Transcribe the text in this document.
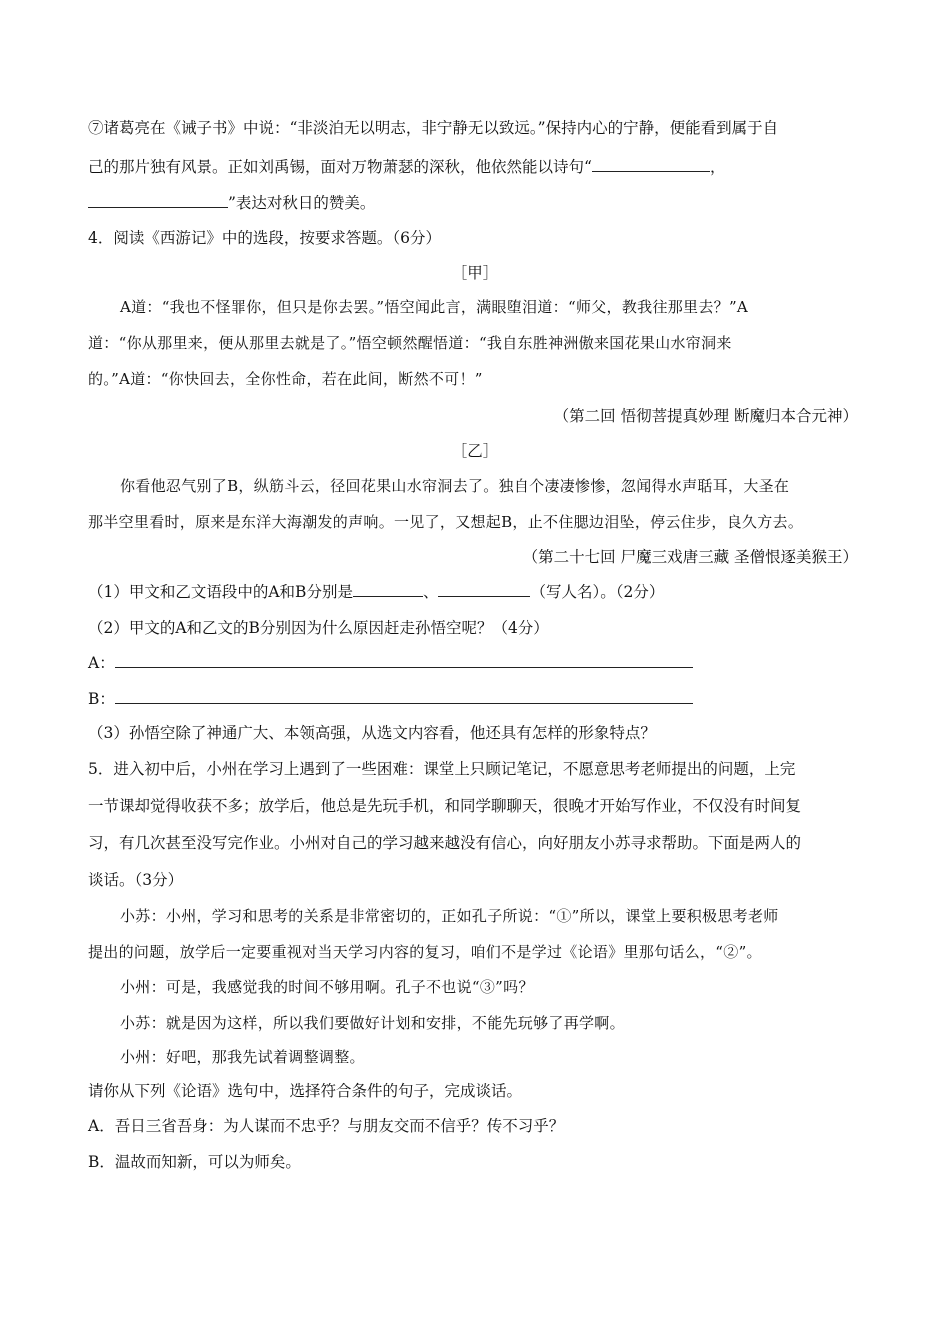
⑦诸葛亮在《诫子书》中说：“非淡泊无以明志，非宁静无以致远。”保持内心的宁静，便能看到属于自
己的那片独有风景。正如刘禹锡，面对万物萧瑟的深秋，他依然能以诗句“	，
”表达对秋日的赞美。
4．阅读《西游记》中的选段，按要求答题。（6分）
［甲］
A道：“我也不怪罪你，但只是你去罢。”悟空闻此言，满眼堕泪道：“师父，教我往那里去？”A
道：“你从那里来，便从那里去就是了。”悟空顿然醒悟道：“我自东胜神洲傲来国花果山水帘洞来
的。”A道：“你快回去，全你性命，若在此间，断然不可！”
（第二回 悟彻菩提真妙理 断魔归本合元神）
［乙］
你看他忍气别了B，纵筋斗云，径回花果山水帘洞去了。独自个凄凄惨惨，忽闻得水声聒耳，大圣在
那半空里看时，原来是东洋大海潮发的声响。一见了，又想起B，止不住腮边泪坠，停云住步，良久方去。
（第二十七回 尸魔三戏唐三藏 圣僧恨逐美猴王）
（1）甲文和乙文语段中的A和B分别是	、	（写人名）。（2分）
（2）甲文的A和乙文的B分别因为什么原因赶走孙悟空呢？（4分）
A：
B：
（3）孙悟空除了神通广大、本领高强，从选文内容看，他还具有怎样的形象特点？
5．进入初中后，小州在学习上遇到了一些困难：课堂上只顾记笔记，不愿意思考老师提出的问题，上完
一节课却觉得收获不多；放学后，他总是先玩手机，和同学聊聊天，很晚才开始写作业，不仅没有时间复
习，有几次甚至没写完作业。小州对自己的学习越来越没有信心，向好朋友小苏寻求帮助。下面是两人的
谈话。（3分）
小苏：小州，学习和思考的关系是非常密切的，正如孔子所说：“①”所以，课堂上要积极思考老师
提出的问题，放学后一定要重视对当天学习内容的复习，咱们不是学过《论语》里那句话么，“②”。
小州：可是，我感觉我的时间不够用啊。孔子不也说“③”吗？
小苏：就是因为这样，所以我们要做好计划和安排，不能先玩够了再学啊。
小州：好吧，那我先试着调整调整。
请你从下列《论语》选句中，选择符合条件的句子，完成谈话。
A．吾日三省吾身：为人谋而不忠乎？与朋友交而不信乎？传不习乎？
B．温故而知新，可以为师矣。
